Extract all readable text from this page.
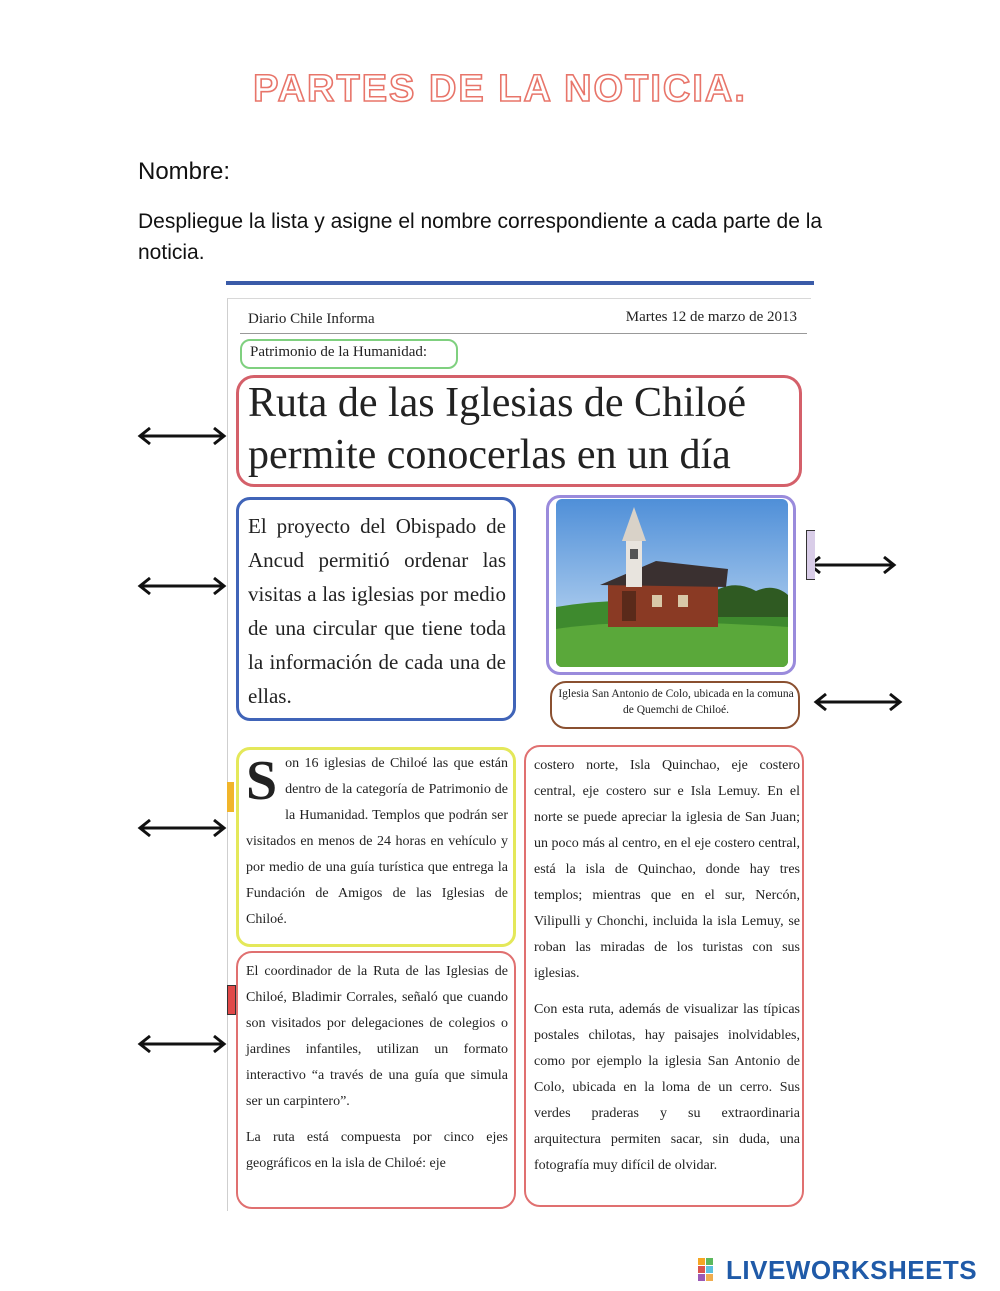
PARTES DE LA NOTICIA.
Nombre:
Despliegue la lista y asigne el nombre correspondiente a cada parte de la noticia.
Diario Chile Informa	Martes 12 de marzo de 2013
Patrimonio de la Humanidad:
Ruta de las Iglesias de Chiloé permite conocerlas en un día
El proyecto del Obispado de Ancud permitió ordenar las visitas a las iglesias por medio de una circular que tiene toda la información de cada una de ellas.	Iglesia San Antonio de Colo, ubicada en la comuna de Quemchi de Chiloé.
Son 16 iglesias de Chiloé las que están dentro de la categoría de Patrimonio de la Humanidad. Templos que podrán ser visitados en menos de 24 horas en vehículo y por medio de una guía turística que entrega la Fundación de Amigos de las Iglesias de Chiloé.

El coordinador de la Ruta de las Iglesias de Chiloé, Bladimir Corrales, señaló que cuando son visitados por delegaciones de colegios o jardines infantiles, utilizan un formato interactivo “a través de una guía que simula ser un carpintero”.

La ruta está compuesta por cinco ejes geográficos en la isla de Chiloé: eje

costero norte, Isla Quinchao, eje costero central, eje costero sur e Isla Lemuy. En el norte se puede apreciar la iglesia de San Juan; un poco más al centro, en el eje costero central, está la isla de Quinchao, donde hay tres templos; mientras que en el sur, Nercón, Vilipulli y Chonchi, incluida la isla Lemuy, se roban las miradas de los turistas con sus iglesias.

Con esta ruta, además de visualizar las típicas postales chilotas, hay paisajes inolvidables, como por ejemplo la iglesia San Antonio de Colo, ubicada en la loma de un cerro. Sus verdes praderas y su extraordinaria arquitectura permiten sacar, sin duda, una fotografía muy difícil de olvidar.

LIVEWORKSHEETS
